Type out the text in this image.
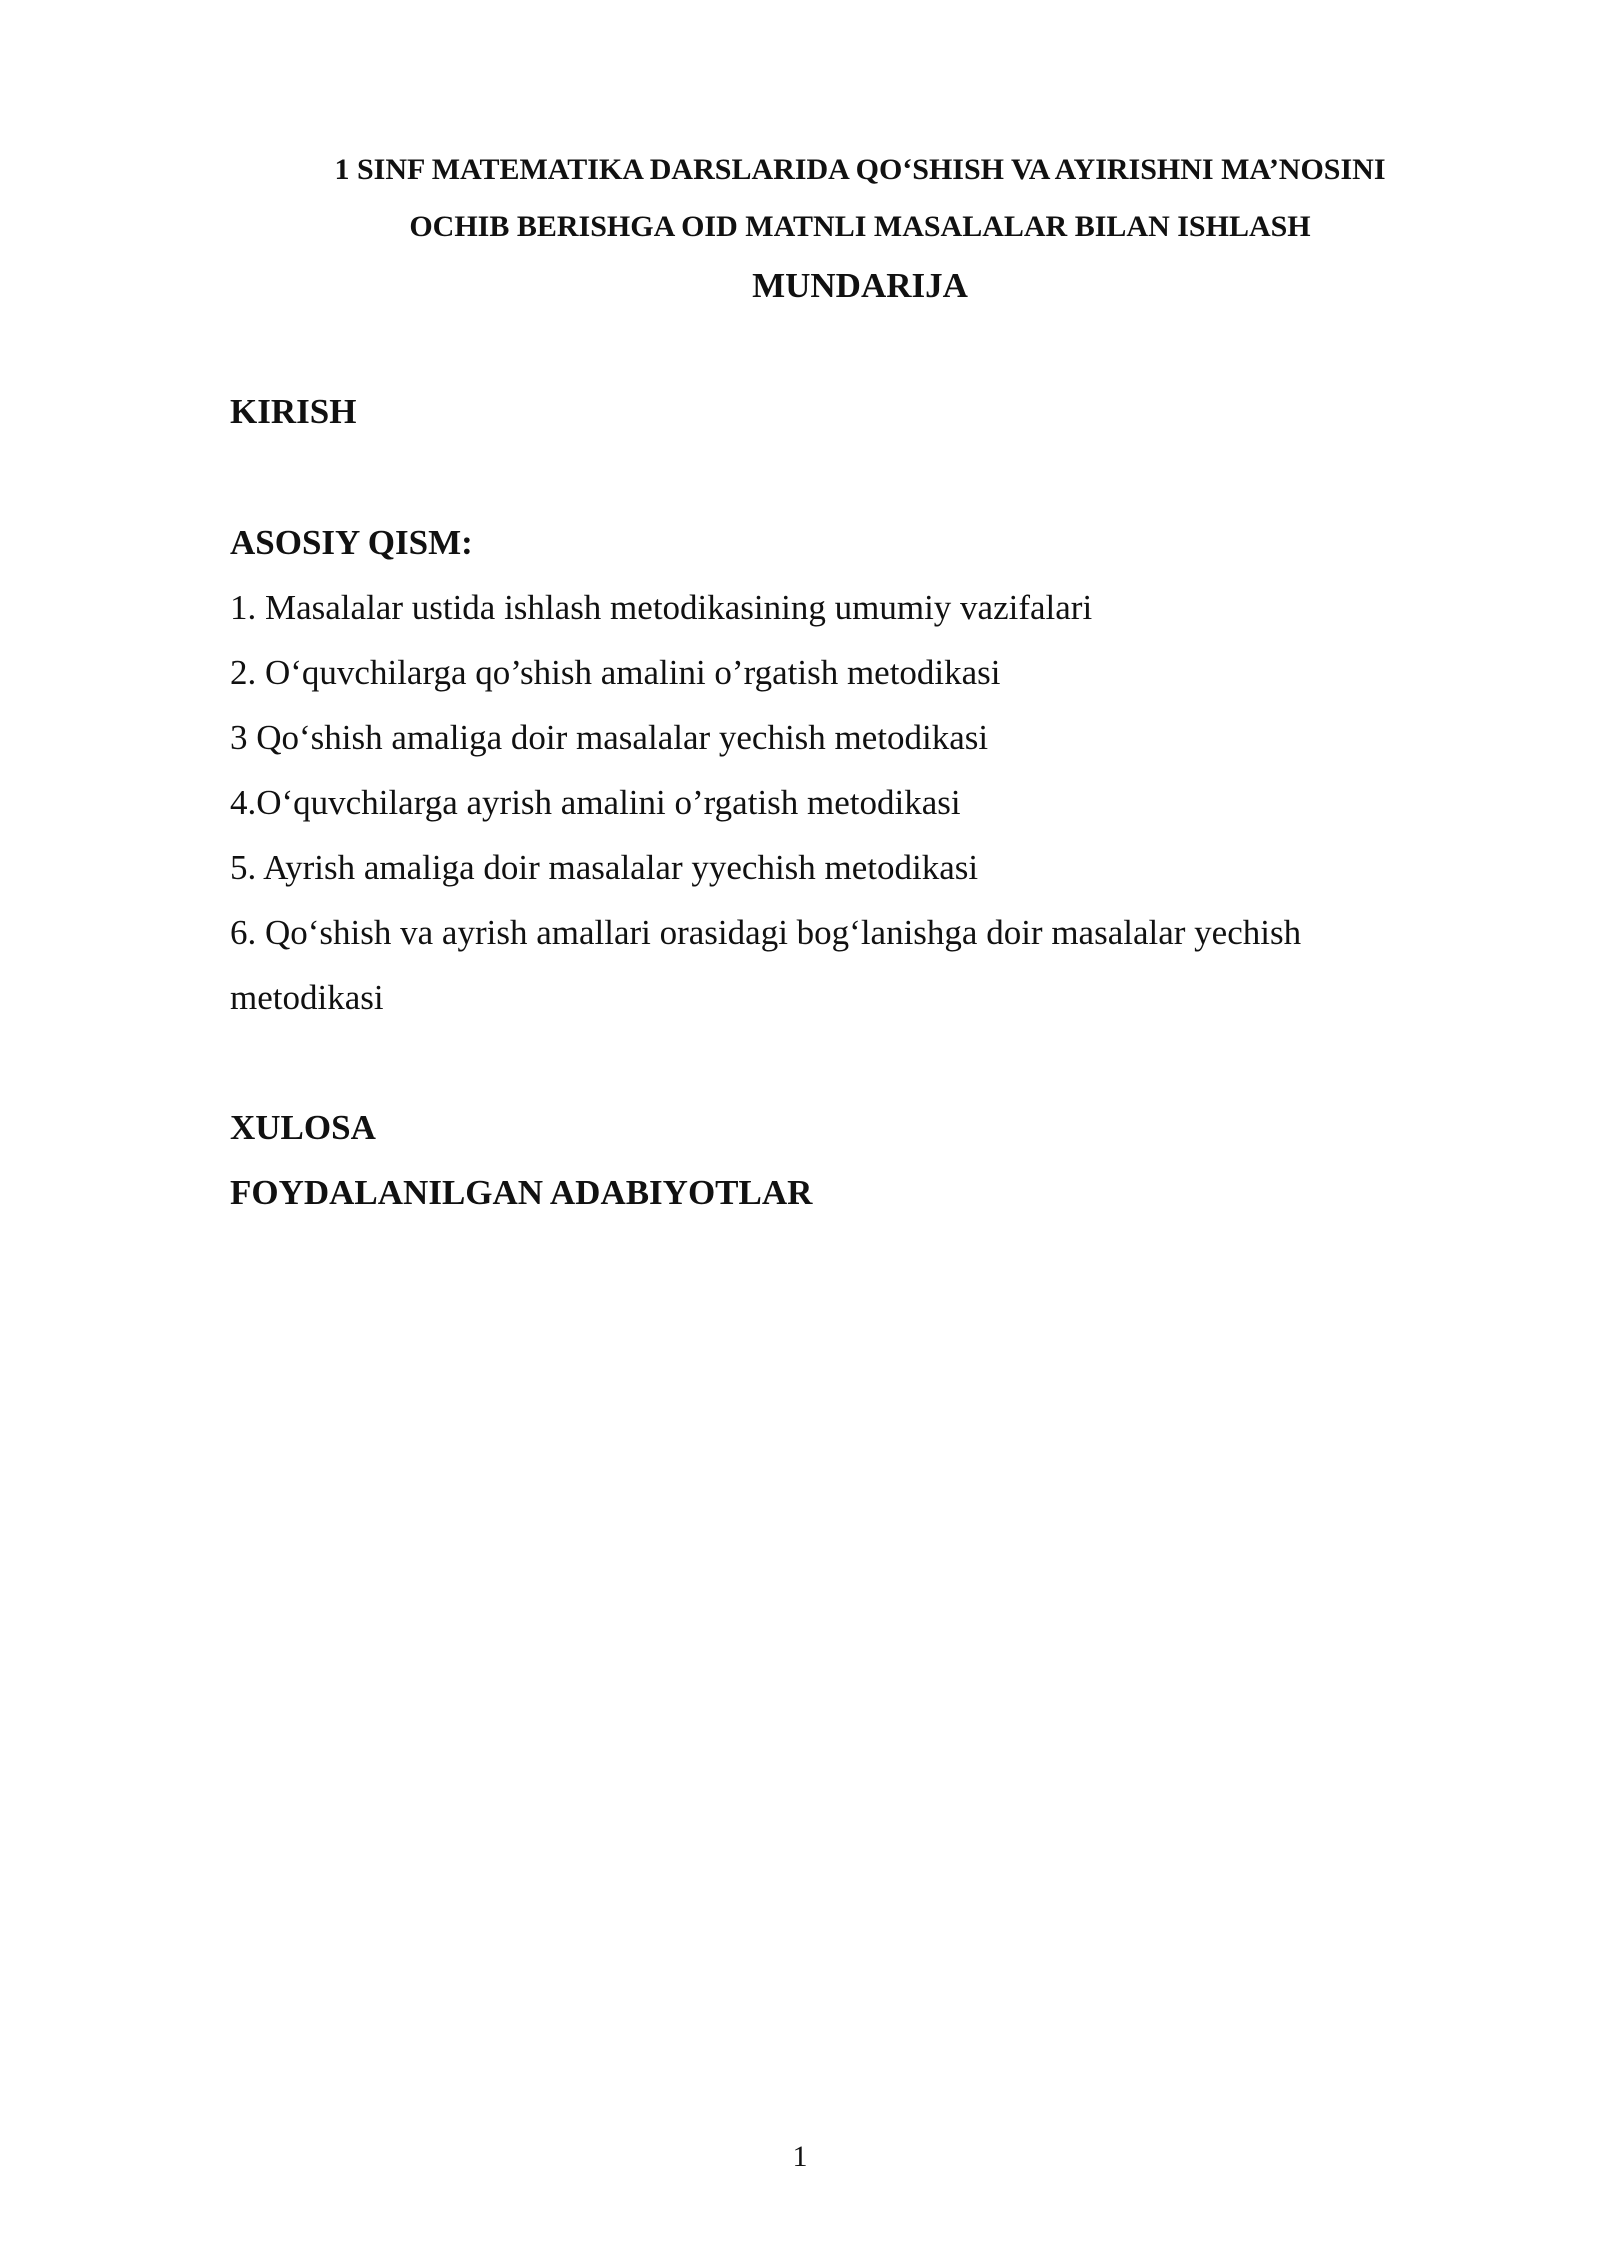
1 SINF MATEMATIKA DARSLARIDA QO‘SHISH VA AYIRISHNI MA’NOSINI
OCHIB BERISHGA OID MATNLI MASALALAR BILAN ISHLASH
MUNDARIJA
KIRISH
ASOSIY QISM:
1. Masalalar ustida ishlash metodikasining umumiy vazifalari
2. O‘quvchilarga qo’shish amalini o’rgatish metodikasi
3 Qo‘shish amaliga doir masalalar yechish metodikasi
4.O‘quvchilarga ayrish amalini o’rgatish metodikasi
5. Ayrish amaliga doir masalalar yyechish metodikasi
6. Qo‘shish va ayrish amallari orasidagi bog‘lanishga doir masalalar yechish
metodikasi
XULOSA
FOYDALANILGAN ADABIYOTLAR
1
